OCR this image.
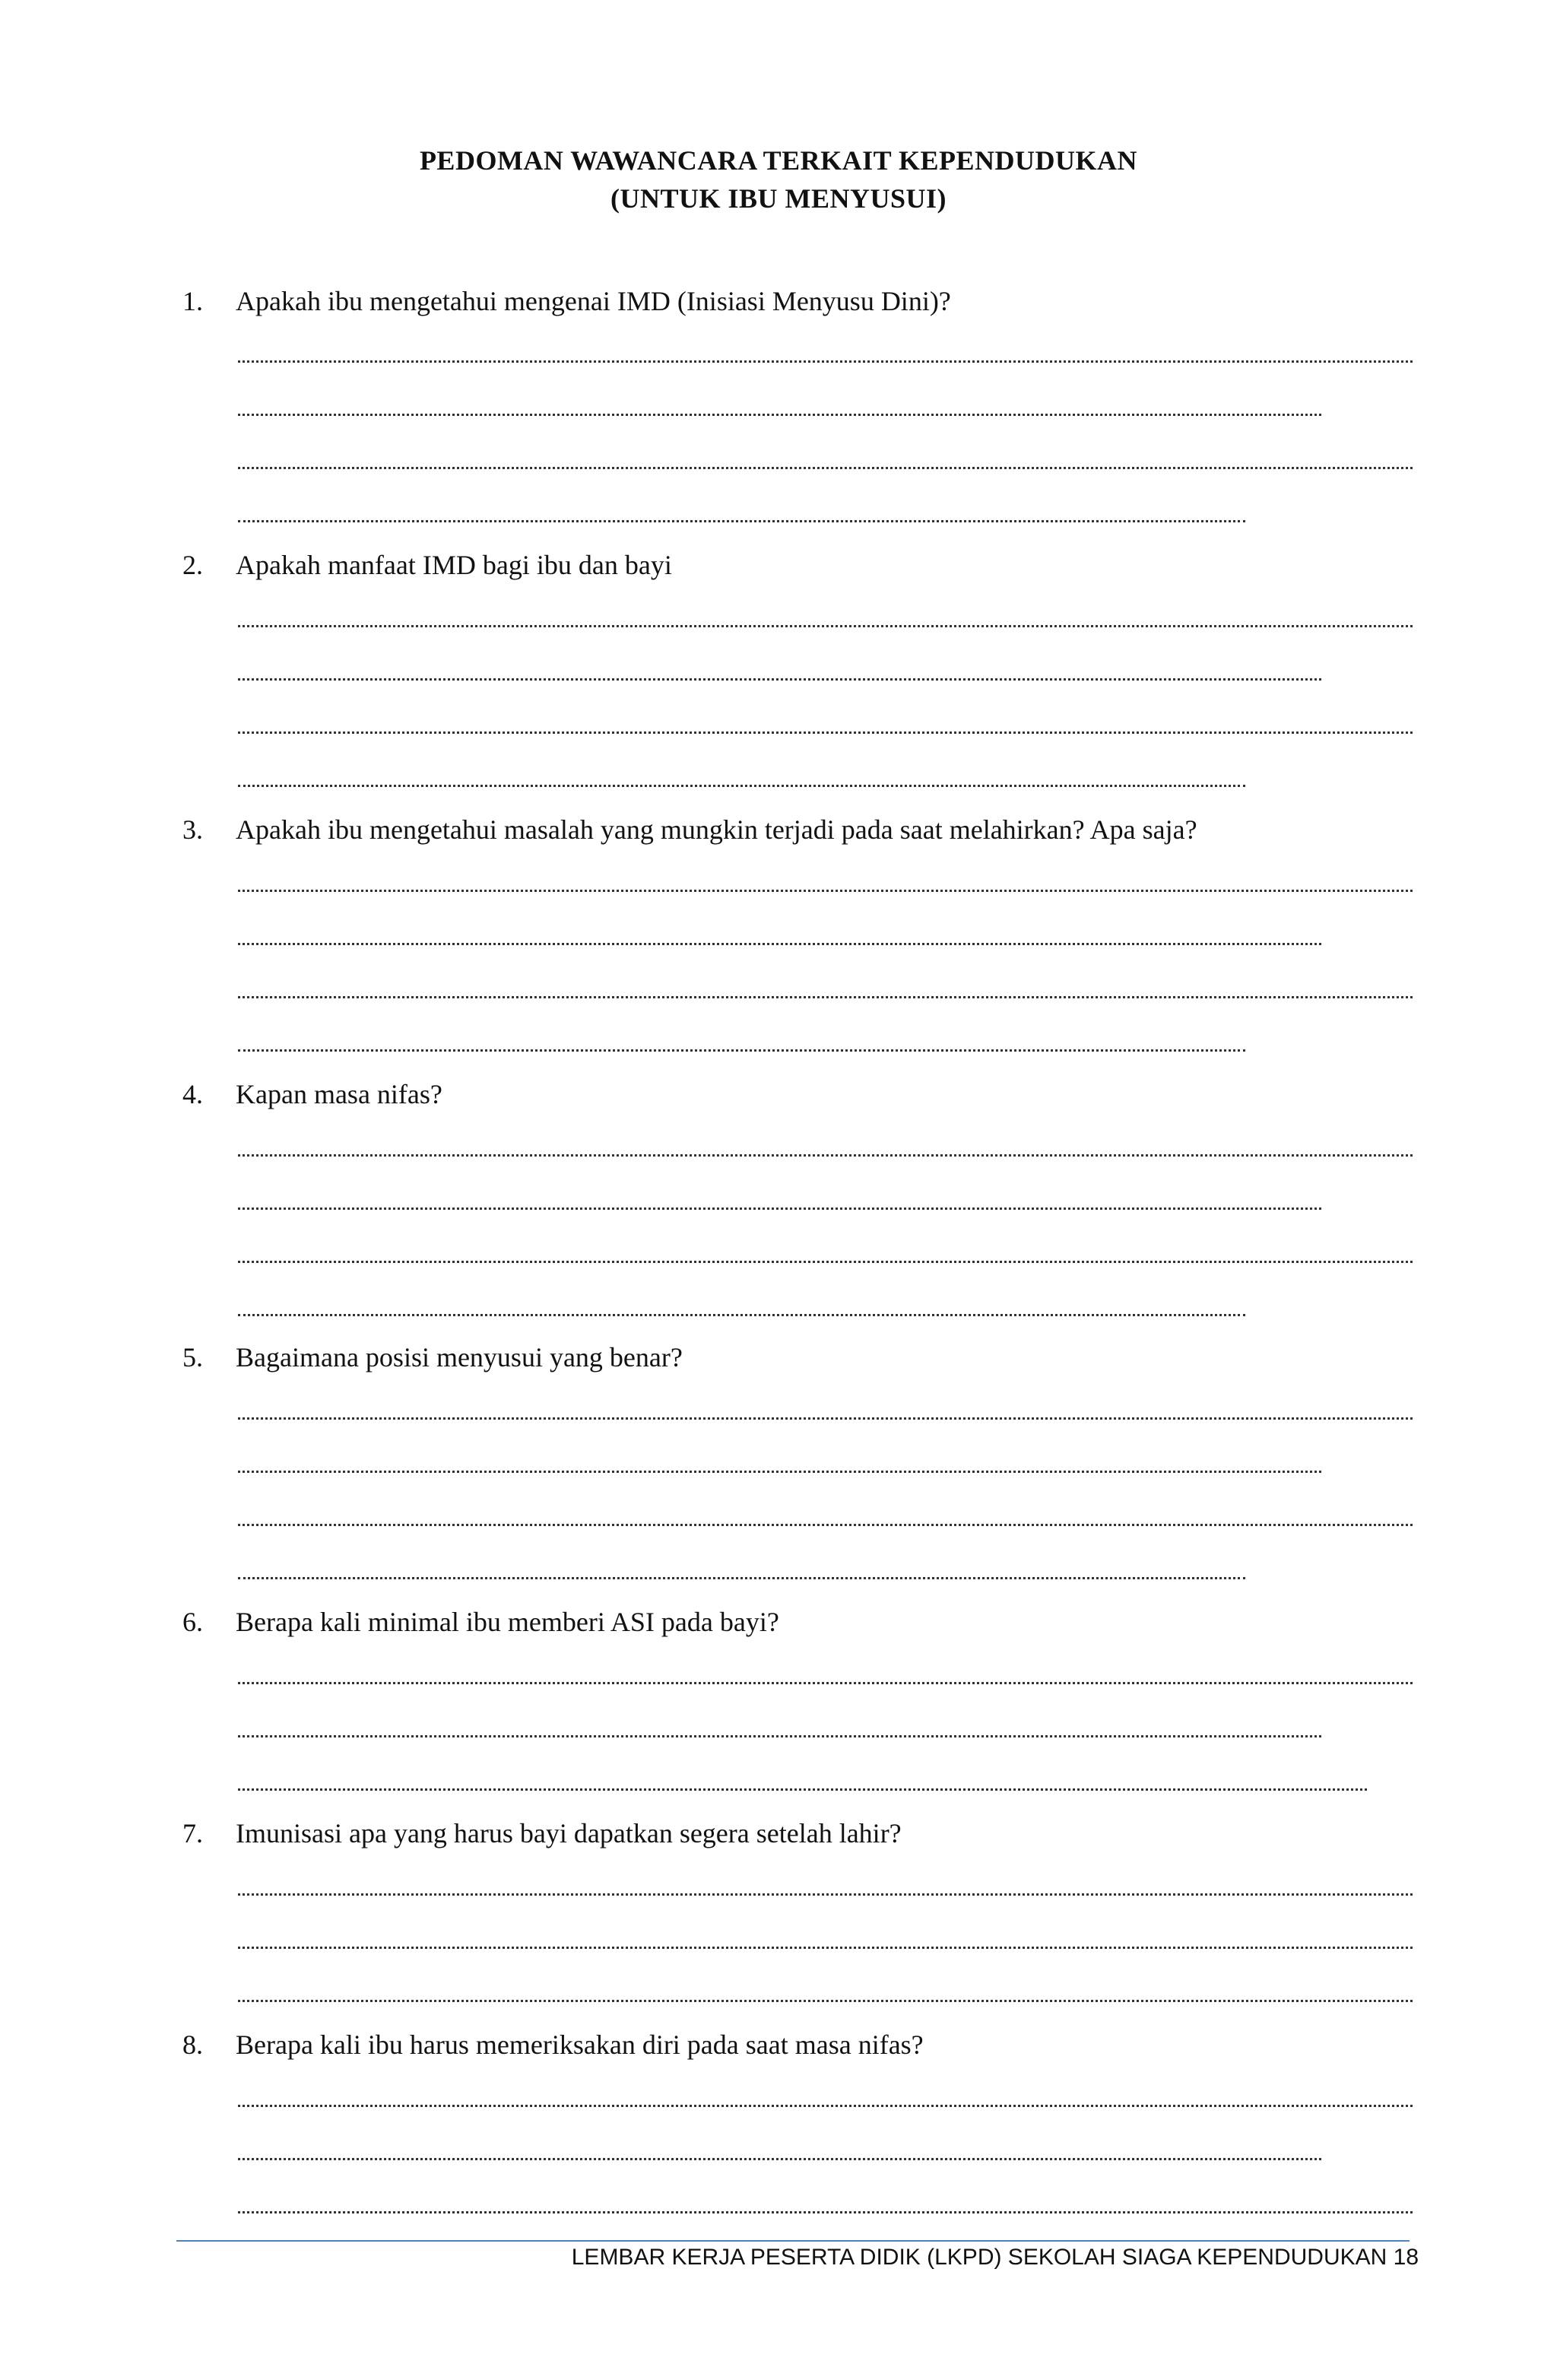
PEDOMAN WAWANCARA TERKAIT KEPENDUDUKAN
(UNTUK IBU MENYUSUI)
1. Apakah ibu mengetahui mengenai IMD (Inisiasi Menyusu Dini)?
2. Apakah manfaat IMD bagi ibu dan bayi
3. Apakah ibu mengetahui masalah yang mungkin terjadi pada saat melahirkan? Apa saja?
4. Kapan masa nifas?
5. Bagaimana posisi menyusui yang benar?
6. Berapa kali minimal ibu memberi ASI pada bayi?
7. Imunisasi apa yang harus bayi dapatkan segera setelah lahir?
8. Berapa kali ibu harus memeriksakan diri pada saat masa nifas?
LEMBAR KERJA PESERTA DIDIK (LKPD) SEKOLAH SIAGA KEPENDUDUKAN 18
